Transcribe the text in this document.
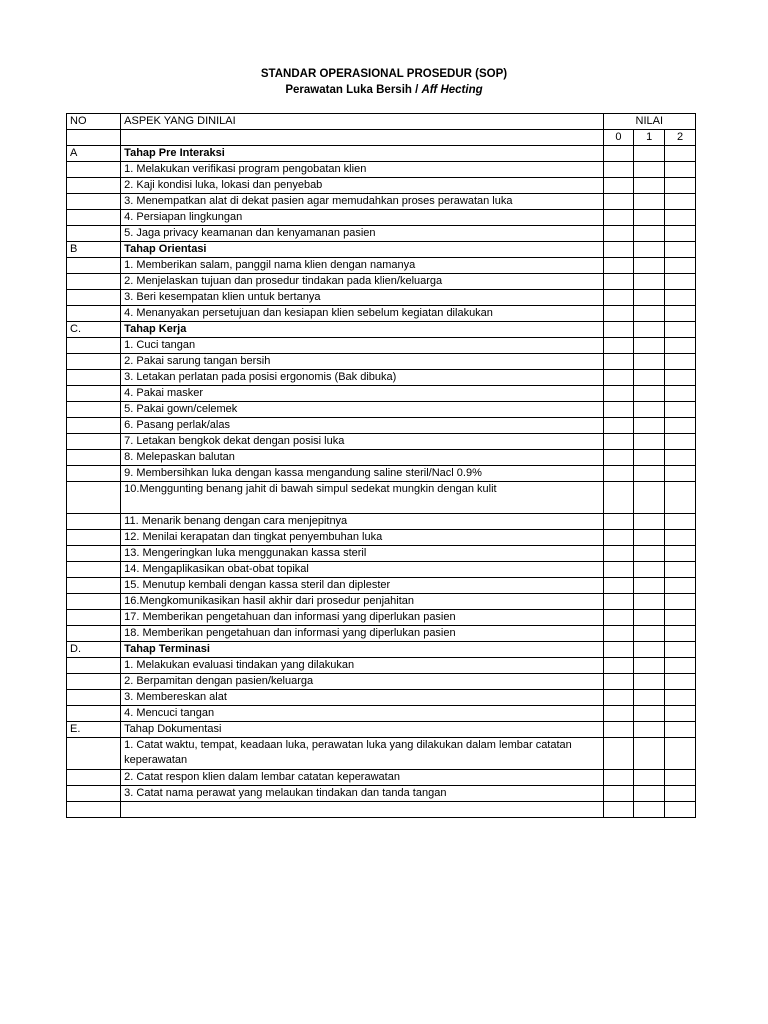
STANDAR OPERASIONAL PROSEDUR (SOP)
Perawatan Luka Bersih / Aff Hecting
NO	ASPEK YANG DINILAI	NILAI		
		0	1	2
A	Tahap Pre Interaksi			
	1. Melakukan verifikasi program pengobatan klien			
	2. Kaji kondisi luka, lokasi dan penyebab			
	3. Menempatkan alat di dekat pasien agar memudahkan proses perawatan luka			
	4. Persiapan lingkungan			
	5. Jaga privacy keamanan dan kenyamanan pasien			
B	Tahap Orientasi			
	1. Memberikan salam, panggil nama klien dengan namanya			
	2. Menjelaskan tujuan dan prosedur tindakan pada klien/keluarga			
	3. Beri kesempatan klien untuk bertanya			
	4. Menanyakan persetujuan dan kesiapan klien sebelum kegiatan dilakukan			
C.	Tahap Kerja			
	1. Cuci tangan			
	2. Pakai sarung tangan bersih			
	3. Letakan perlatan pada posisi ergonomis (Bak dibuka)			
	4. Pakai masker			
	5. Pakai gown/celemek			
	6. Pasang perlak/alas			
	7. Letakan bengkok dekat dengan posisi luka			
	8. Melepaskan balutan			
	9. Membersihkan luka dengan kassa mengandung saline steril/Nacl 0.9%			
	10.Menggunting benang jahit di bawah simpul sedekat mungkin dengan kulit			
	11. Menarik benang dengan cara menjepitnya			
	12. Menilai kerapatan dan tingkat penyembuhan luka			
	13. Mengeringkan luka menggunakan kassa steril			
	14. Mengaplikasikan obat-obat topikal			
	15. Menutup kembali dengan kassa steril dan diplester			
	16.Mengkomunikasikan hasil akhir dari prosedur penjahitan			
	17. Memberikan pengetahuan dan informasi yang diperlukan pasien			
	18. Memberikan pengetahuan dan informasi yang diperlukan pasien			
D.	Tahap Terminasi			
	1. Melakukan evaluasi tindakan yang dilakukan			
	2. Berpamitan dengan pasien/keluarga			
	3. Membereskan alat			
	4. Mencuci tangan			
E.	Tahap Dokumentasi			
	1. Catat waktu, tempat, keadaan luka, perawatan luka yang dilakukan dalam lembar catatan keperawatan			
	2. Catat respon klien dalam lembar catatan keperawatan			
	3. Catat nama perawat yang melaukan tindakan dan tanda tangan			
